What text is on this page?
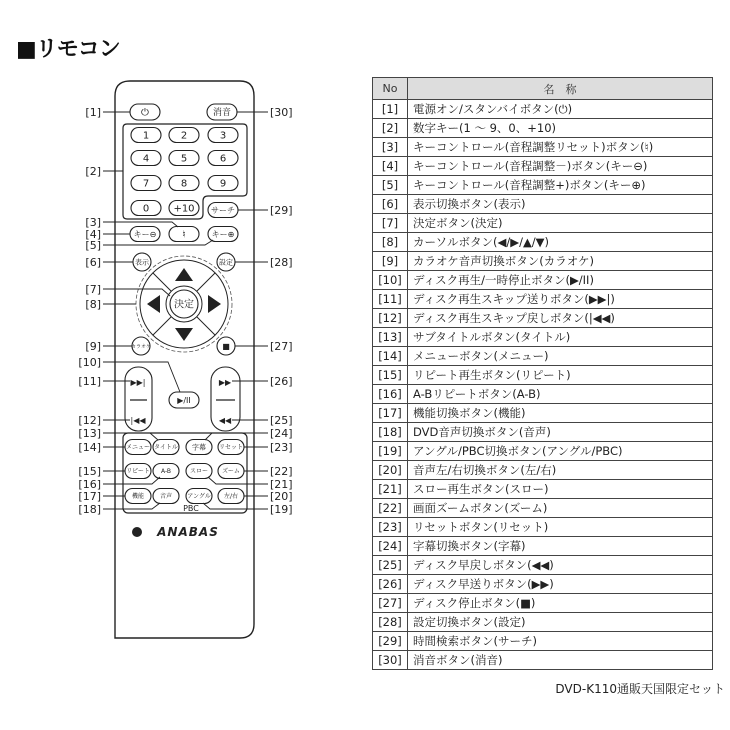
■リモコン
PBC
ANABAS
⏻	消音
1	2	3
4	5	6
7	8	9
0 +10 サーチ
キー⊖	♮	キー⊕
表示	設定
決定
カラオケ	■
▶▶|
|◀◀
▶▶
◀◀
▶/II
メニュー タイトル 字幕 リセット
リピート A-B	スロー ズーム
機能	音声	アングル 左/右
[1]
[2]
[3]
[4]
[5]
[6]
[7]
[8]
[9]
[10]
[11]
[12]
[13]
[14]
[15]
[16]
[17]
[18]	[19]
[20]
[21]
[22]
[23]
[24]
[25]
[26]
[27]
[28]
[29]
[30]
No	名　称
[1]	電源オン/スタンバイボタン(⏻)
[2]	数字キー(1 ～ 9、0、+10)
[3]	キーコントロール(音程調整リセット)ボタン(♮)
[4]	キーコントロール(音程調整－)ボタン(キー⊖)
[5]	キーコントロール(音程調整+)ボタン(キー⊕)
[6]	表示切換ボタン(表示)
[7]	決定ボタン(決定)
[8]	カーソルボタン(◀/▶/▲/▼)
[9]	カラオケ音声切換ボタン(カラオケ)
[10]	ディスク再生/一時停止ボタン(▶/II)
[11]	ディスク再生スキップ送りボタン(▶▶|)
[12]	ディスク再生スキップ戻しボタン(|◀◀)
[13]	サブタイトルボタン(タイトル)
[14]	メニューボタン(メニュー)
[15]	リピート再生ボタン(リピート)
[16]	A-Bリピートボタン(A-B)
[17]	機能切換ボタン(機能)
[18]	DVD音声切換ボタン(音声)
[19]	アングル/PBC切換ボタン(アングル/PBC)
[20]	音声左/右切換ボタン(左/右)
[21]	スロー再生ボタン(スロー)
[22]	画面ズームボタン(ズーム)
[23]	リセットボタン(リセット)
[24]	字幕切換ボタン(字幕)
[25]	ディスク早戻しボタン(◀◀)
[26]	ディスク早送りボタン(▶▶)
[27]	ディスク停止ボタン(■)
[28]	設定切換ボタン(設定)
[29]	時間検索ボタン(サーチ)
[30]	消音ボタン(消音)
DVD-K110通販天国限定セット
